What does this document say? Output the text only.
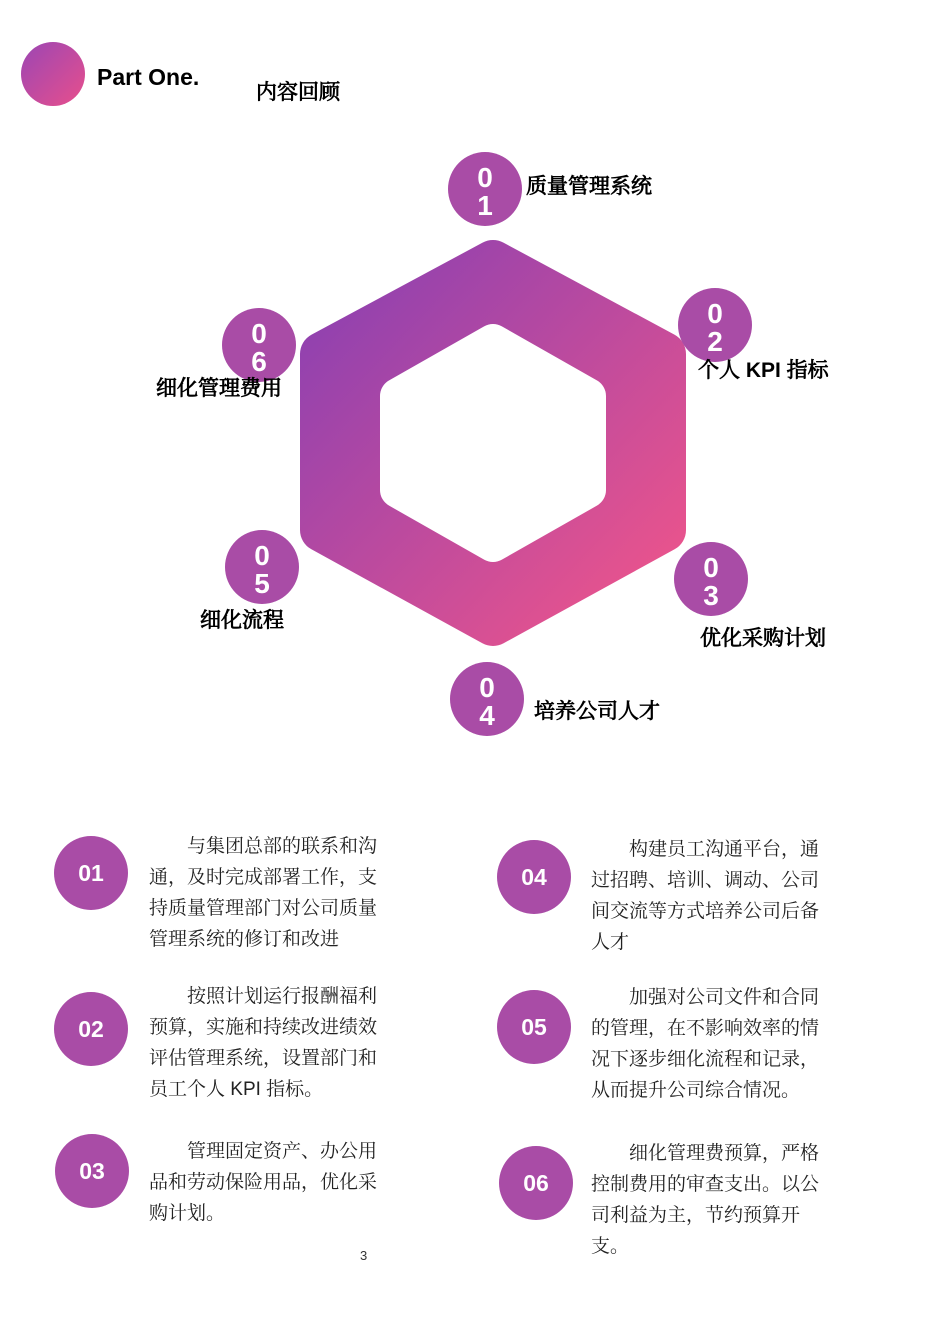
Part One.
内容回顾
01
质量管理系统
02
个人 KPI 指标
03
优化采购计划
04	培养公司人才
05
细化流程
06
细化管理费用
01
与集团总部的联系和沟通，及时完成部署工作，支持质量管理部门对公司质量管理系统的修订和改进
02
按照计划运行报酬福利预算，实施和持续改进绩效评估管理系统，设置部门和员工个人 KPI 指标。
03
管理固定资产、办公用品和劳动保险用品，优化采购计划。
04
构建员工沟通平台，通过招聘、培训、调动、公司间交流等方式培养公司后备人才
05
加强对公司文件和合同的管理，在不影响效率的情况下逐步细化流程和记录，从而提升公司综合情况。
06
细化管理费预算，严格控制费用的审查支出。以公司利益为主，节约预算开支。
3
